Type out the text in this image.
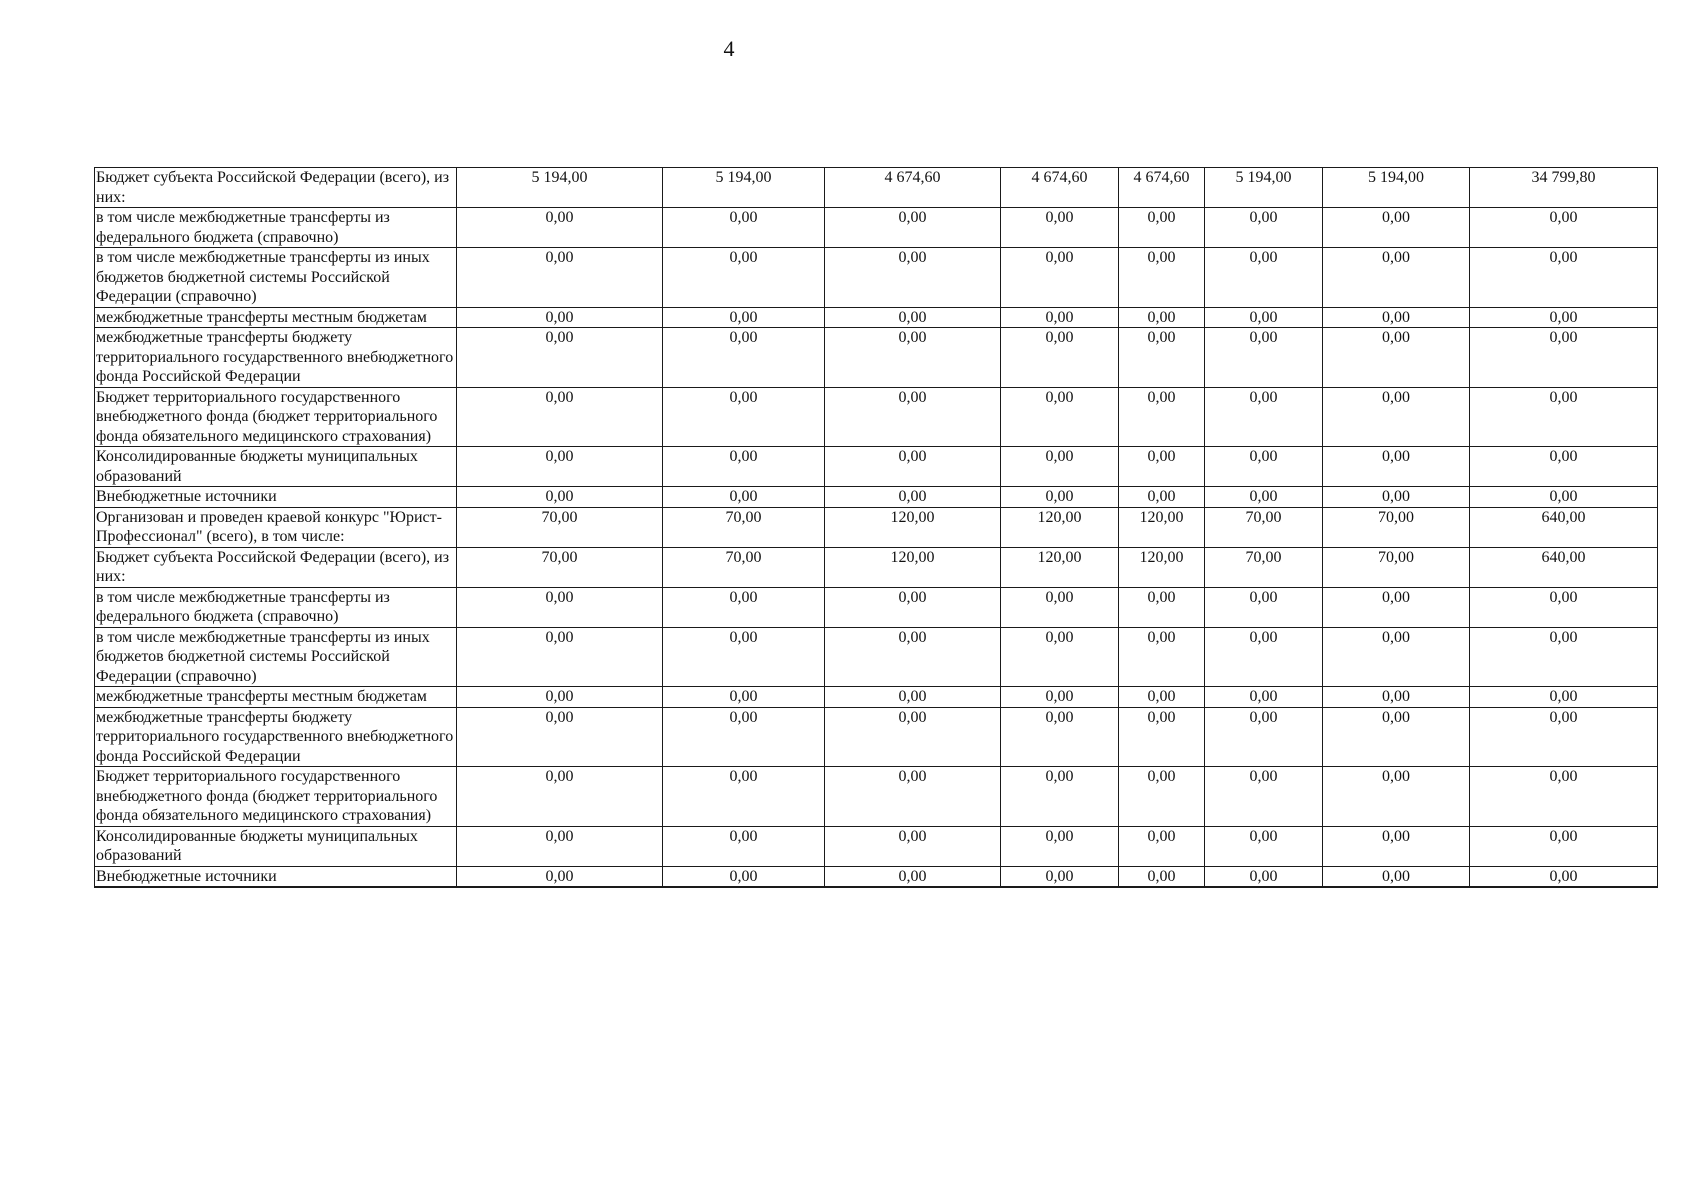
4
Бюджет субъекта Российской Федерации (всего), из них:	5 194,00	5 194,00	4 674,60	4 674,60	4 674,60	5 194,00	5 194,00	34 799,80
в том числе межбюджетные трансферты из федерального бюджета (справочно)	0,00	0,00	0,00	0,00	0,00	0,00	0,00	0,00
в том числе межбюджетные трансферты из иных бюджетов бюджетной системы Российской Федерации (справочно)	0,00	0,00	0,00	0,00	0,00	0,00	0,00	0,00
межбюджетные трансферты местным бюджетам	0,00	0,00	0,00	0,00	0,00	0,00	0,00	0,00
межбюджетные трансферты бюджету территориального государственного внебюджетного фонда Российской Федерации	0,00	0,00	0,00	0,00	0,00	0,00	0,00	0,00
Бюджет территориального государственного внебюджетного фонда (бюджет территориального фонда обязательного медицинского страхования)	0,00	0,00	0,00	0,00	0,00	0,00	0,00	0,00
Консолидированные бюджеты муниципальных образований	0,00	0,00	0,00	0,00	0,00	0,00	0,00	0,00
Внебюджетные источники	0,00	0,00	0,00	0,00	0,00	0,00	0,00	0,00
Организован и проведен краевой конкурс "Юрист-Профессионал" (всего), в том числе:	70,00	70,00	120,00	120,00	120,00	70,00	70,00	640,00
Бюджет субъекта Российской Федерации (всего), из них:	70,00	70,00	120,00	120,00	120,00	70,00	70,00	640,00
в том числе межбюджетные трансферты из федерального бюджета (справочно)	0,00	0,00	0,00	0,00	0,00	0,00	0,00	0,00
в том числе межбюджетные трансферты из иных бюджетов бюджетной системы Российской Федерации (справочно)	0,00	0,00	0,00	0,00	0,00	0,00	0,00	0,00
межбюджетные трансферты местным бюджетам	0,00	0,00	0,00	0,00	0,00	0,00	0,00	0,00
межбюджетные трансферты бюджету территориального государственного внебюджетного фонда Российской Федерации	0,00	0,00	0,00	0,00	0,00	0,00	0,00	0,00
Бюджет территориального государственного внебюджетного фонда (бюджет территориального фонда обязательного медицинского страхования)	0,00	0,00	0,00	0,00	0,00	0,00	0,00	0,00
Консолидированные бюджеты муниципальных образований	0,00	0,00	0,00	0,00	0,00	0,00	0,00	0,00
Внебюджетные источники	0,00	0,00	0,00	0,00	0,00	0,00	0,00	0,00
